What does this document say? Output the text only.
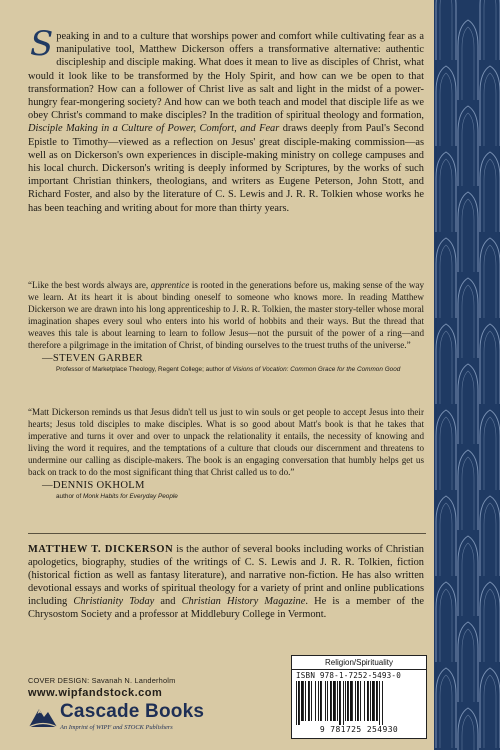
Speaking in and to a culture that worships power and comfort while cultivating fear as a manipulative tool, Matthew Dickerson offers a transformative alternative: authentic discipleship and disciple making. What does it mean to live as disciples of Christ, what would it look like to be transformed by the Holy Spirit, and how can we be open to that transformation? How can a follower of Christ live as salt and light in the midst of a power-hungry fear-mongering society? And how can we both teach and model that disciple life as we obey Christ's command to make disciples? In the tradition of spiritual theology and formation, Disciple Making in a Culture of Power, Comfort, and Fear draws deeply from Paul's Second Epistle to Timothy—viewed as a reflection on Jesus' great disciple-making commission—as well as on Dickerson's own experiences in disciple-making ministry on college campuses and his local church. Dickerson's writing is deeply informed by Scriptures, by the works of such important Christian thinkers, theologians, and writers as Eugene Peterson, John Stott, and Richard Foster, and also by the literature of C. S. Lewis and J. R. R. Tolkien whose works he has been teaching and writing about for more than thirty years.
“Like the best words always are, apprentice is rooted in the generations before us, making sense of the way we learn. At its heart it is about binding oneself to someone who knows more. In reading Matthew Dickerson we are drawn into his long apprenticeship to J. R. R. Tolkien, the master story-teller whose moral imagination shapes every soul who enters into his world of hobbits and their ways. But the thread that weaves this tale is about learning to learn to follow Jesus—not the pursuit of the power of a ring—and therefore a pilgrimage in the imitation of Christ, of binding ourselves to the truest truths of the universe.”
—STEVEN GARBER
Professor of Marketplace Theology, Regent College; author of Visions of Vocation: Common Grace for the Common Good
“Matt Dickerson reminds us that Jesus didn't tell us just to win souls or get people to accept Jesus into their hearts; Jesus told disciples to make disciples. What is so good about Matt's book is that he takes that imperative and turns it over and over to unpack the relationality it entails, the necessity of knowing and living the word it requires, and the temptations of a culture that clouds our discernment and threatens to undermine our calling as disciple-makers. The book is an engaging conversation that humbly helps get us back on track to do the most significant thing that Christ called us to do.”
—DENNIS OKHOLM
author of Monk Habits for Everyday People
MATTHEW T. DICKERSON is the author of several books including works of Christian apologetics, biography, studies of the writings of C. S. Lewis and J. R. R. Tolkien, fiction (historical fiction as well as fantasy literature), and narrative non-fiction. He has also written devotional essays and works of spiritual theology for a variety of print and online publications including Christianity Today and Christian History Magazine. He is a member of the Chrysostom Society and a professor at Middlebury College in Vermont.
COVER DESIGN: Savanah N. Landerholm
www.wipfandstock.com
Cascade Books
An Imprint of WIPF and STOCK Publishers
Religion/Spirituality
ISBN 978-1-7252-5493-0
9 781725 254930
